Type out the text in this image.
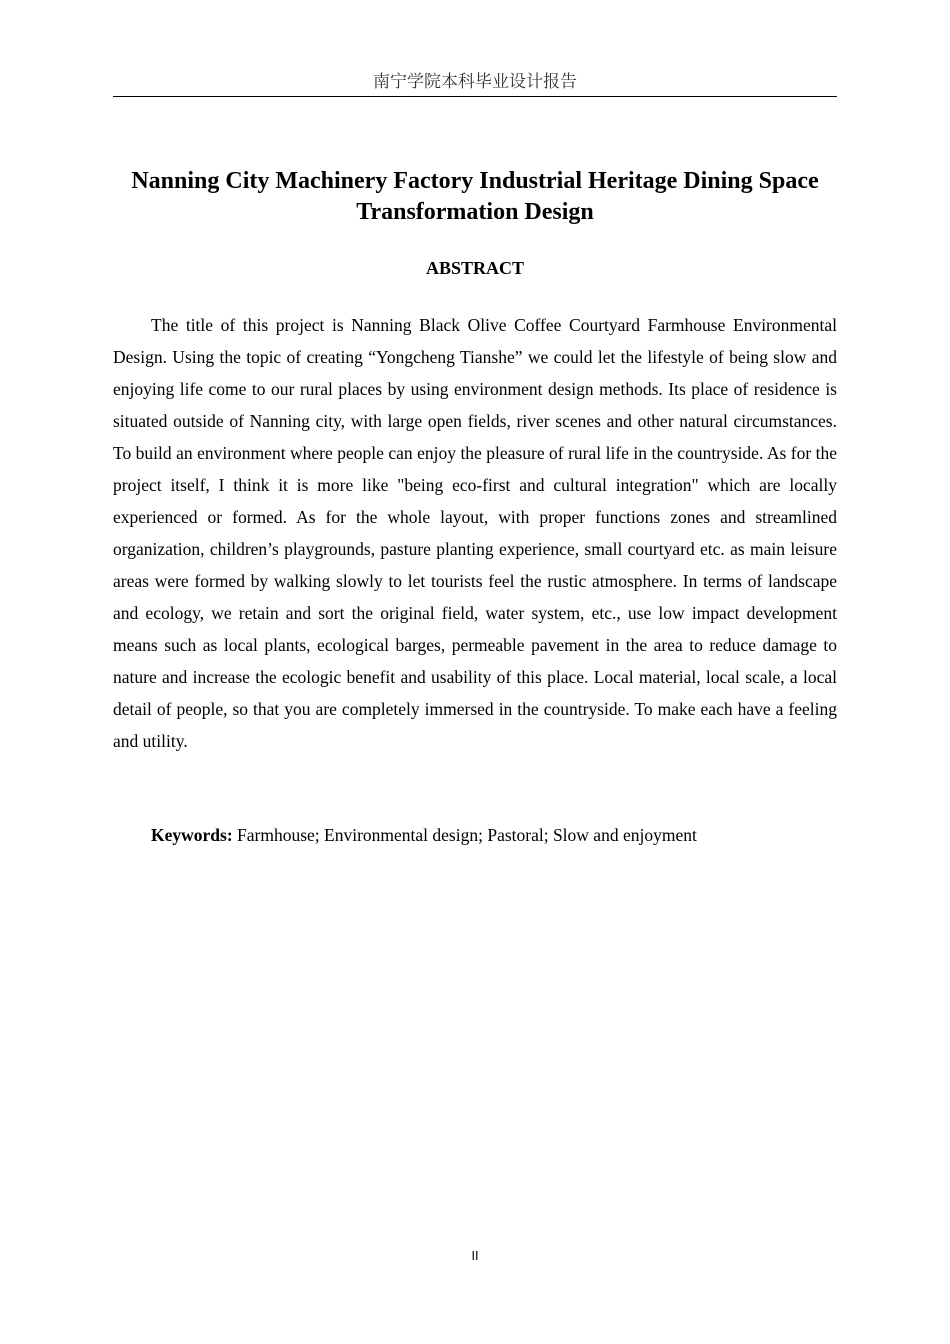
南宁学院本科毕业设计报告
Nanning City Machinery Factory Industrial Heritage Dining Space Transformation Design
ABSTRACT

The title of this project is Nanning Black Olive Coffee Courtyard Farmhouse Environmental Design. Using the topic of creating “Yongcheng Tianshe” we could let the lifestyle of being slow and enjoying life come to our rural places by using environment design methods. Its place of residence is situated outside of Nanning city, with large open fields, river scenes and other natural circumstances. To build an environment where people can enjoy the pleasure of rural life in the countryside. As for the project itself, I think it is more like "being eco-first and cultural integration" which are locally experienced or formed. As for the whole layout, with proper functions zones and streamlined organization, children’s playgrounds, pasture planting experience, small courtyard etc. as main leisure areas were formed by walking slowly to let tourists feel the rustic atmosphere. In terms of landscape and ecology, we retain and sort the original field, water system, etc., use low impact development means such as local plants, ecological barges, permeable pavement in the area to reduce damage to nature and increase the ecologic benefit and usability of this place. Local material, local scale, a local detail of people, so that you are completely immersed in the countryside. To make each have a feeling and utility.

Keywords: Farmhouse; Environmental design; Pastoral; Slow and enjoyment

II
